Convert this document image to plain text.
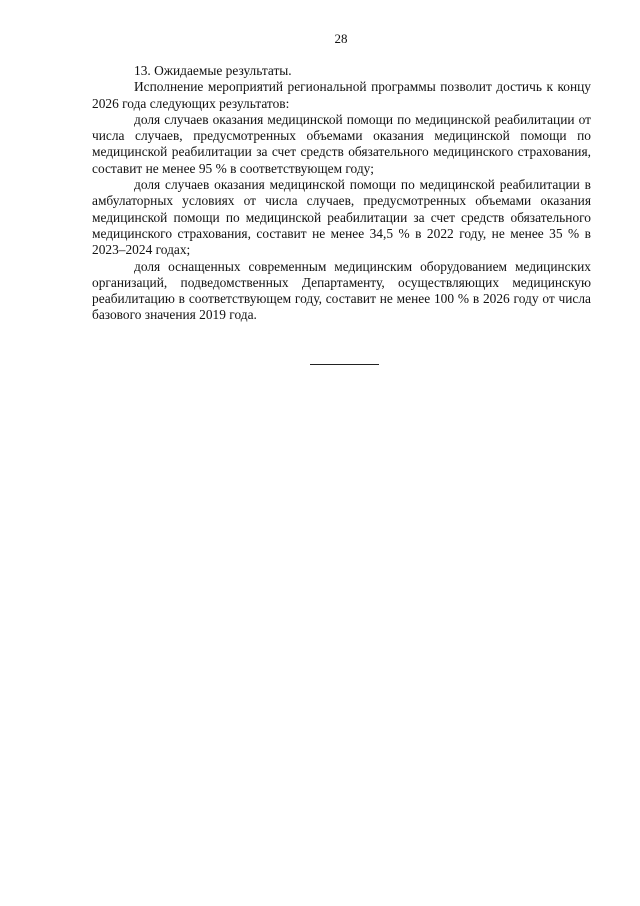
28

13. Ожидаемые результаты.

Исполнение мероприятий региональной программы позволит достичь к концу 2026 года следующих результатов:

доля случаев оказания медицинской помощи по медицинской реабилитации от числа случаев, предусмотренных объемами оказания медицинской помощи по медицинской реабилитации за счет средств обязательного медицинского страхования, составит не менее 95 % в соответствующем году;

доля случаев оказания медицинской помощи по медицинской реабилитации в амбулаторных условиях от числа случаев, предусмотренных объемами оказания медицинской помощи по медицинской реабилитации за счет средств обязательного медицинского страхования, составит не менее 34,5 % в 2022 году, не менее 35 % в 2023–2024 годах;

доля оснащенных современным медицинским оборудованием медицинских организаций, подведомственных Департаменту, осуществляющих медицинскую реабилитацию в соответствующем году, составит не менее 100 % в 2026 году от числа базового значения 2019 года.
